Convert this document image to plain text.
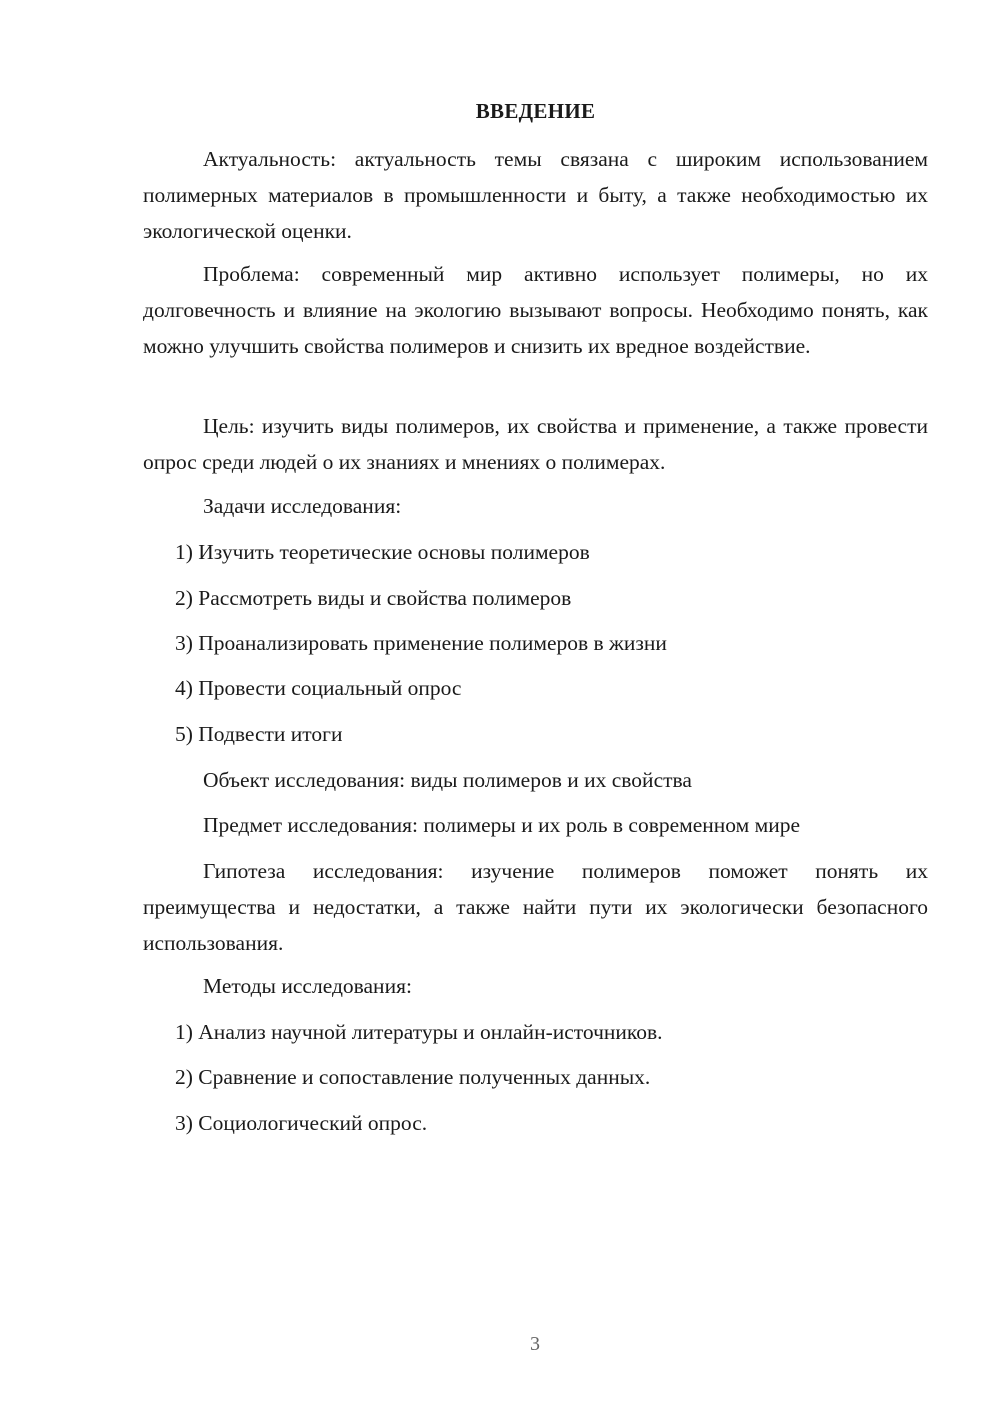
ВВЕДЕНИЕ

Актуальность: актуальность темы связана с широким использованием полимерных материалов в промышленности и быту, а также необходимостью их экологической оценки.

Проблема: современный мир активно использует полимеры, но их долговечность и влияние на экологию вызывают вопросы. Необходимо понять, как можно улучшить свойства полимеров и снизить их вредное воздействие.

Цель: изучить виды полимеров, их свойства и применение, а также провести опрос среди людей о их знаниях и мнениях о полимерах.

Задачи исследования:

1) Изучить теоретические основы полимеров

2) Рассмотреть виды и свойства полимеров

3) Проанализировать применение полимеров в жизни

4) Провести социальный опрос

5) Подвести итоги

Объект исследования: виды полимеров и их свойства

Предмет исследования: полимеры и их роль в современном мире

Гипотеза исследования: изучение полимеров поможет понять их преимущества и недостатки, а также найти пути их экологически безопасного использования.

Методы исследования:

1) Анализ научной литературы и онлайн-источников.

2) Сравнение и сопоставление полученных данных.

3) Социологический опрос.

3
